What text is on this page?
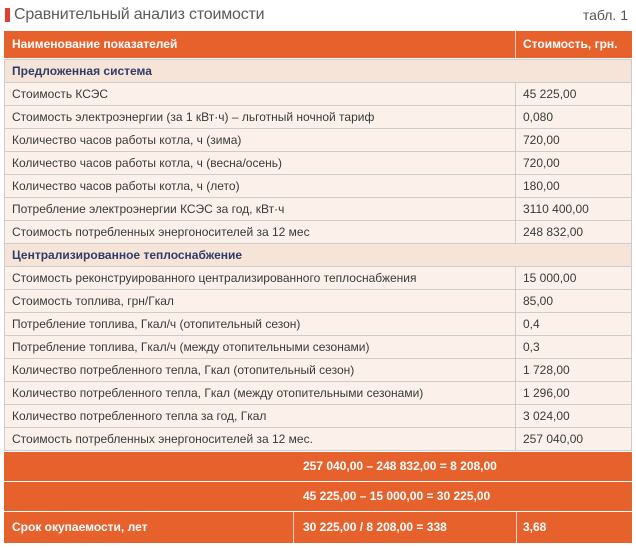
Сравнительный анализ стоимости	табл. 1
Наименование показателей	Стоимость, грн.
Предложенная система
Стоимость КСЭС	45 225,00
Стоимость электроэнергии (за 1 кВт·ч) – льготный ночной тариф	0,080
Количество часов работы котла, ч (зима)	720,00
Количество часов работы котла, ч (весна/осень)	720,00
Количество часов работы котла, ч (лето)	180,00
Потребление электроэнергии КСЭС за год, кВт·ч	3110 400,00
Стоимость потребленных энергоносителей за 12 мес	248 832,00
Централизированное теплоснабжение
Стоимость реконструированного централизированного теплоснабжения	15 000,00
Стоимость топлива, грн/Гкал	85,00
Потребление топлива, Гкал/ч (отопительный сезон)	0,4
Потребление топлива, Гкал/ч (между отопительными сезонами)	0,3
Количество потребленного тепла, Гкал (отопительный сезон)	1 728,00
Количество потребленного тепла, Гкал (между отопительными сезонами)	1 296,00
Количество потребленного тепла за год, Гкал	3 024,00
Стоимость потребленных энергоносителей за 12 мес.	257 040,00
257 040,00 – 248 832,00 = 8 208,00
45 225,00 – 15 000,00 = 30 225,00
Срок окупаемости, лет	30 225,00 / 8 208,00 = 338	3,68
